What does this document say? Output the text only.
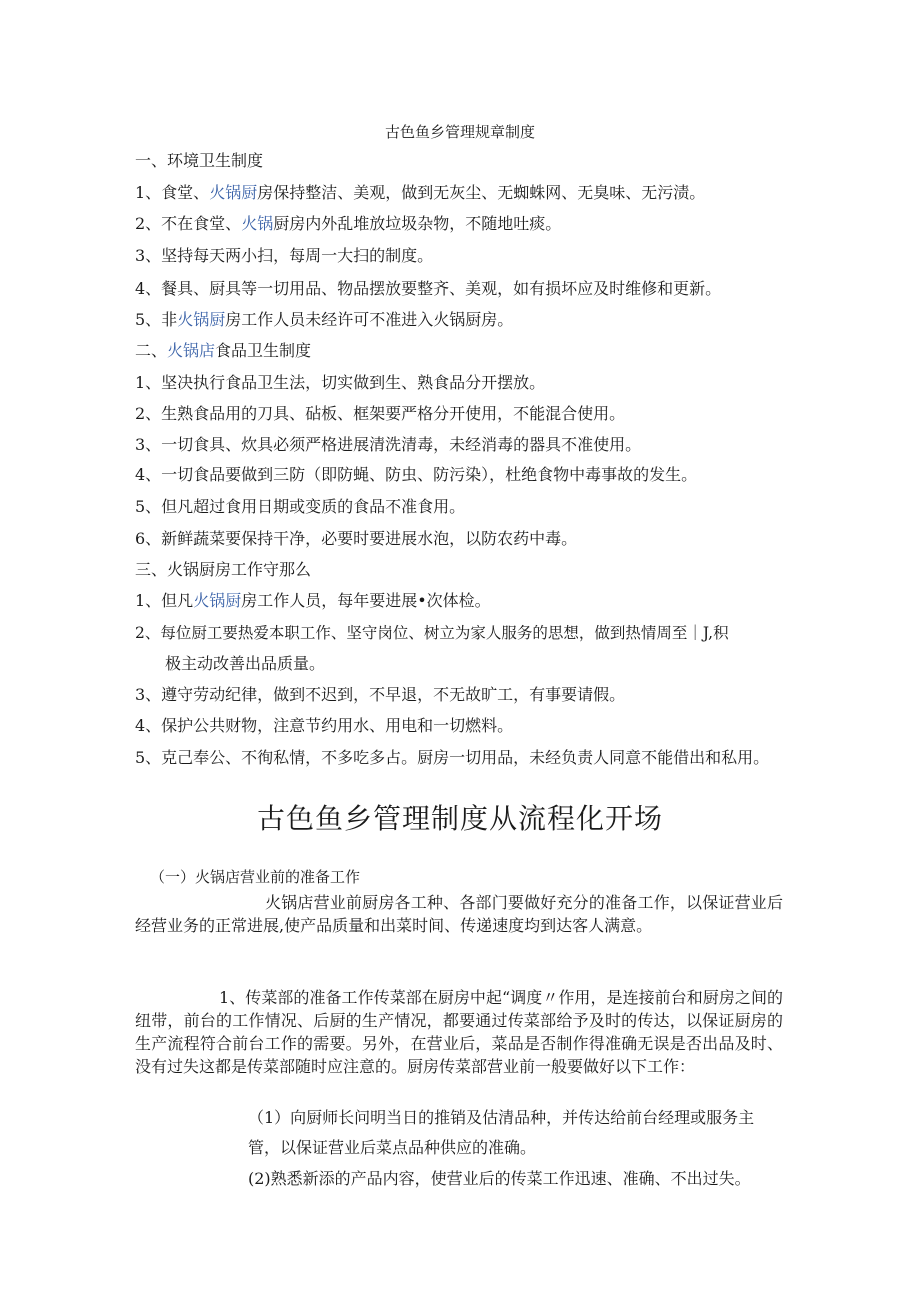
古色鱼乡管理规章制度
一、环境卫生制度
1、食堂、火锅厨房保持整洁、美观，做到无灰尘、无蜘蛛网、无臭味、无污渍。
2、不在食堂、火锅厨房内外乱堆放垃圾杂物，不随地吐痰。
3、坚持每天两小扫，每周一大扫的制度。
4、餐具、厨具等一切用品、物品摆放要整齐、美观，如有损坏应及时维修和更新。
5、非火锅厨房工作人员未经许可不准进入火锅厨房。
二、火锅店食品卫生制度
1、坚决执行食品卫生法，切实做到生、熟食品分开摆放。
2、生熟食品用的刀具、砧板、框架要严格分开使用，不能混合使用。
3、一切食具、炊具必须严格进展清洗清毒，未经消毒的器具不准使用。
4、一切食品要做到三防（即防蝇、防虫、防污染），杜绝食物中毒事故的发生。
5、但凡超过食用日期或变质的食品不准食用。
6、新鲜蔬菜要保持干净，必要时要进展水泡，以防农药中毒。
三、火锅厨房工作守那么
1、但凡火锅厨房工作人员，每年要进展•次体检。
2、每位厨工要热爱本职工作、坚守岗位、树立为家人服务的思想，做到热情周至｜J,积
极主动改善出品质量。
3、遵守劳动纪律，做到不迟到，不早退，不无故旷工，有事要请假。
4、保护公共财物，注意节约用水、用电和一切燃料。
5、克己奉公、不徇私情，不多吃多占。厨房一切用品，未经负责人同意不能借出和私用。
古色鱼乡管理制度从流程化开场
（一）火锅店营业前的准备工作
火锅店营业前厨房各工种、各部门要做好充分的准备工作，以保证营业后经营业务的正常进展,使产品质量和出菜时间、传递速度均到达客人满意。
1、传菜部的准备工作传菜部在厨房中起“调度〃作用，是连接前台和厨房之间的纽带，前台的工作情况、后厨的生产情况，都要通过传菜部给予及时的传达，以保证厨房的生产流程符合前台工作的需要。另外，在营业后，菜品是否制作得准确无误是否出品及时、没有过失这都是传菜部随时应注意的。厨房传菜部营业前一般要做好以下工作：
（1）向厨师长问明当日的推销及估清品种，并传达给前台经理或服务主
管，以保证营业后菜点品种供应的准确。
(2)熟悉新添的产品内容，使营业后的传菜工作迅速、准确、不出过失。
